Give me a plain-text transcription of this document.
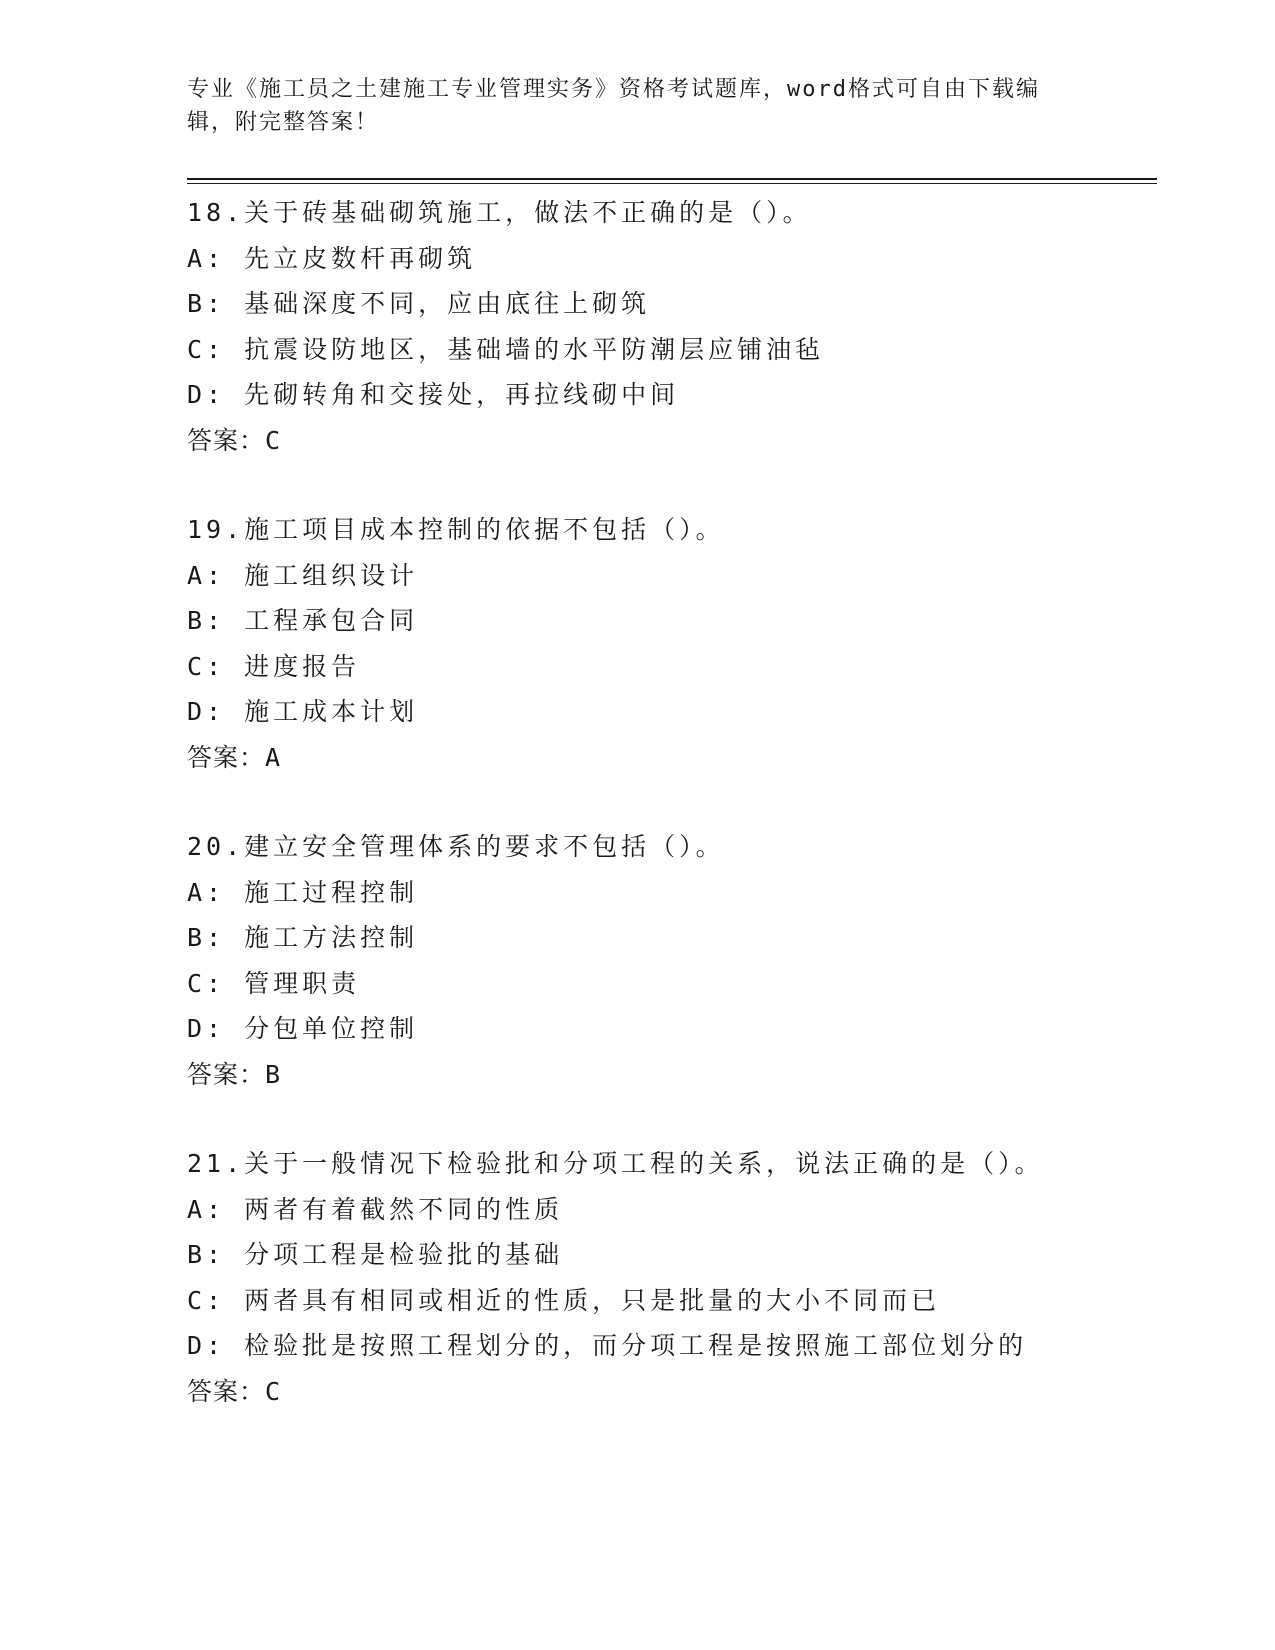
专业《施工员之土建施工专业管理实务》资格考试题库，word格式可自由下载编
辑，附完整答案！
18.关于砖基础砌筑施工，做法不正确的是（）。
A: 先立皮数杆再砌筑
B: 基础深度不同，应由底往上砌筑
C: 抗震设防地区，基础墙的水平防潮层应铺油毡
D: 先砌转角和交接处，再拉线砌中间
答案：C
19.施工项目成本控制的依据不包括（）。
A: 施工组织设计
B: 工程承包合同
C: 进度报告
D: 施工成本计划
答案：A
20.建立安全管理体系的要求不包括（）。
A: 施工过程控制
B: 施工方法控制
C: 管理职责
D: 分包单位控制
答案：B
21.关于一般情况下检验批和分项工程的关系，说法正确的是（）。
A: 两者有着截然不同的性质
B: 分项工程是检验批的基础
C: 两者具有相同或相近的性质，只是批量的大小不同而已
D: 检验批是按照工程划分的，而分项工程是按照施工部位划分的
答案：C
